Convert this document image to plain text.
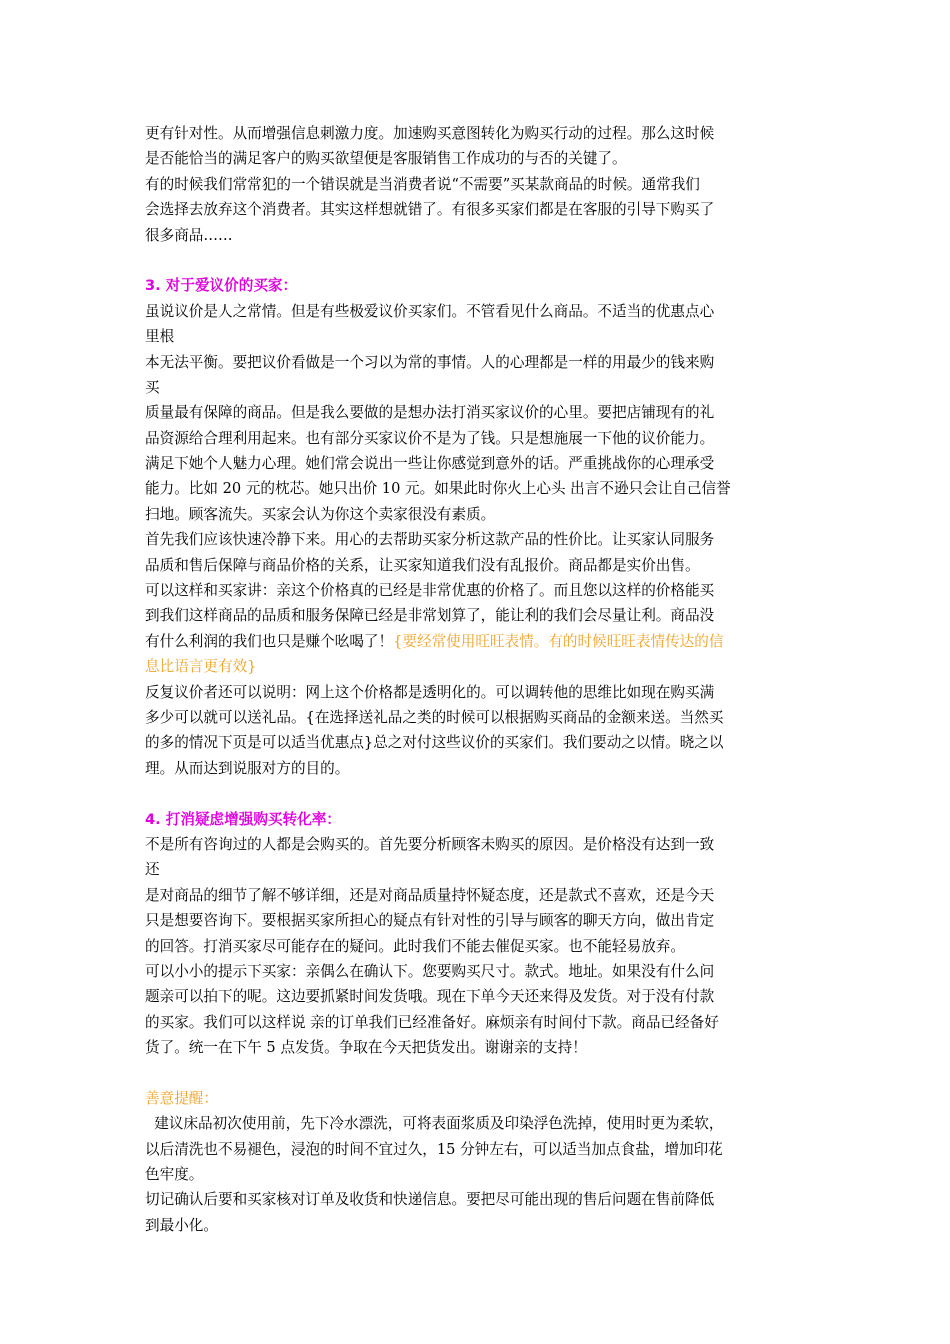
更有针对性。从而增强信息刺激力度。加速购买意图转化为购买行动的过程。那么这时候
是否能恰当的满足客户的购买欲望便是客服销售工作成功的与否的关键了。
有的时候我们常常犯的一个错误就是当消费者说“不需要”买某款商品的时候。通常我们
会选择去放弃这个消费者。其实这样想就错了。有很多买家们都是在客服的引导下购买了
很多商品……
3. 对于爱议价的买家：
虽说议价是人之常情。但是有些极爱议价买家们。不管看见什么商品。不适当的优惠点心
里根
本无法平衡。要把议价看做是一个习以为常的事情。人的心理都是一样的用最少的钱来购
买
质量最有保障的商品。但是我么要做的是想办法打消买家议价的心里。要把店铺现有的礼
品资源给合理利用起来。也有部分买家议价不是为了钱。只是想施展一下他的议价能力。
满足下她个人魅力心理。她们常会说出一些让你感觉到意外的话。严重挑战你的心理承受
能力。比如 20 元的枕芯。她只出价 10 元。如果此时你火上心头 出言不逊只会让自己信誉
扫地。顾客流失。买家会认为你这个卖家很没有素质。
首先我们应该快速冷静下来。用心的去帮助买家分析这款产品的性价比。让买家认同服务
品质和售后保障与商品价格的关系，让买家知道我们没有乱报价。商品都是实价出售。
可以这样和买家讲：亲这个价格真的已经是非常优惠的价格了。而且您以这样的价格能买
到我们这样商品的品质和服务保障已经是非常划算了，能让利的我们会尽量让利。商品没
有什么利润的我们也只是赚个吆喝了！{要经常使用旺旺表情。有的时候旺旺表情传达的信
息比语言更有效}
反复议价者还可以说明：网上这个价格都是透明化的。可以调转他的思维比如现在购买满
多少可以就可以送礼品。{在选择送礼品之类的时候可以根据购买商品的金额来送。当然买
的多的情况下页是可以适当优惠点}总之对付这些议价的买家们。我们要动之以情。晓之以
理。从而达到说服对方的目的。
4. 打消疑虑增强购买转化率：
不是所有咨询过的人都是会购买的。首先要分析顾客未购买的原因。是价格没有达到一致
还
是对商品的细节了解不够详细，还是对商品质量持怀疑态度，还是款式不喜欢，还是今天
只是想要咨询下。要根据买家所担心的疑点有针对性的引导与顾客的聊天方向，做出肯定
的回答。打消买家尽可能存在的疑问。此时我们不能去催促买家。也不能轻易放弃。
可以小小的提示下买家：亲偶么在确认下。您要购买尺寸。款式。地址。如果没有什么问
题亲可以拍下的呢。这边要抓紧时间发货哦。现在下单今天还来得及发货。对于没有付款
的买家。我们可以这样说 亲的订单我们已经准备好。麻烦亲有时间付下款。商品已经备好
货了。统一在下午 5 点发货。争取在今天把货发出。谢谢亲的支持！
善意提醒：
建议床品初次使用前，先下冷水漂洗，可将表面浆质及印染浮色洗掉，使用时更为柔软，
以后清洗也不易褪色，浸泡的时间不宜过久，15 分钟左右，可以适当加点食盐，增加印花
色牢度。
切记确认后要和买家核对订单及收货和快递信息。要把尽可能出现的售后问题在售前降低
到最小化。
